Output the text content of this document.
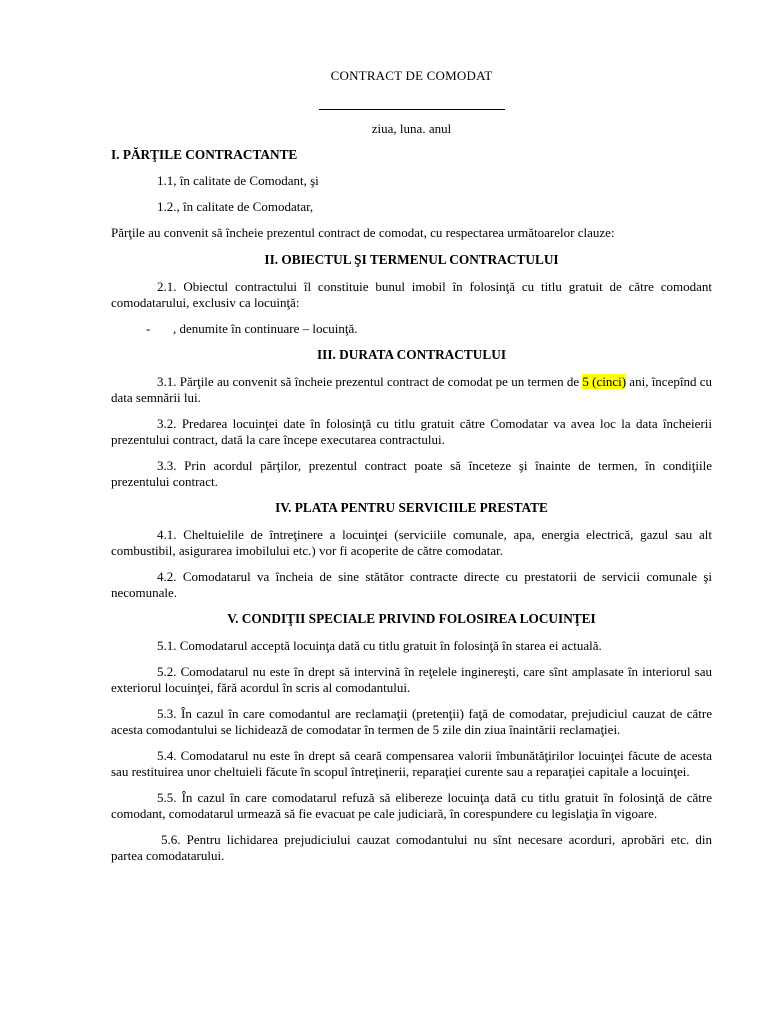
CONTRACT DE COMODAT

ziua, luna. anul

I. PĂRŢILE CONTRACTANTE

1.1, în calitate de Comodant, şi

1.2., în calitate de Comodatar,

Părţile au convenit să încheie prezentul contract de comodat, cu respectarea următoarelor clauze:

II. OBIECTUL ŞI TERMENUL CONTRACTULUI

2.1. Obiectul contractului îl constituie bunul imobil în folosinţă cu titlu gratuit de către comodant comodatarului, exclusiv ca locuinţă:

- , denumite în continuare – locuinţă.

III. DURATA CONTRACTULUI

3.1. Părţile au convenit să încheie prezentul contract de comodat pe un termen de 5 (cinci) ani, începînd cu data semnării lui.

3.2. Predarea locuinţei date în folosinţă cu titlu gratuit către Comodatar va avea loc la data încheierii prezentului contract, dată la care începe executarea contractului.

3.3. Prin acordul părţilor, prezentul contract poate să înceteze şi înainte de termen, în condiţiile prezentului contract.

IV. PLATA PENTRU SERVICIILE PRESTATE

4.1. Cheltuielile de întreţinere a locuinţei (serviciile comunale, apa, energia electrică, gazul sau alt combustibil, asigurarea imobilului etc.) vor fi acoperite de către comodatar.

4.2. Comodatarul va încheia de sine stătător contracte directe cu prestatorii de servicii comunale şi necomunale.

V. CONDIŢII SPECIALE PRIVIND FOLOSIREA LOCUINŢEI

5.1. Comodatarul acceptă locuinţa dată cu titlu gratuit în folosinţă în starea ei actuală.

5.2. Comodatarul nu este în drept să intervină în reţelele inginereşti, care sînt amplasate în interiorul sau exteriorul locuinţei, fără acordul în scris al comodantului.

5.3. În cazul în care comodantul are reclamaţii (pretenţii) faţă de comodatar, prejudiciul cauzat de către acesta comodantului se lichidează de comodatar în termen de 5 zile din ziua înaintării reclamaţiei.

5.4. Comodatarul nu este în drept să ceară compensarea valorii îmbunătăţirilor locuinţei făcute de acesta sau restituirea unor cheltuieli făcute în scopul întreţinerii, reparaţiei curente sau a reparaţiei capitale a locuinţei.

5.5. În cazul în care comodatarul refuză să elibereze locuinţa dată cu titlu gratuit în folosinţă de către comodant, comodatarul urmează să fie evacuat pe cale judiciară, în corespundere cu legislaţia în vigoare.

5.6. Pentru lichidarea prejudiciului cauzat comodantului nu sînt necesare acorduri, aprobări etc. din partea comodatarului.
